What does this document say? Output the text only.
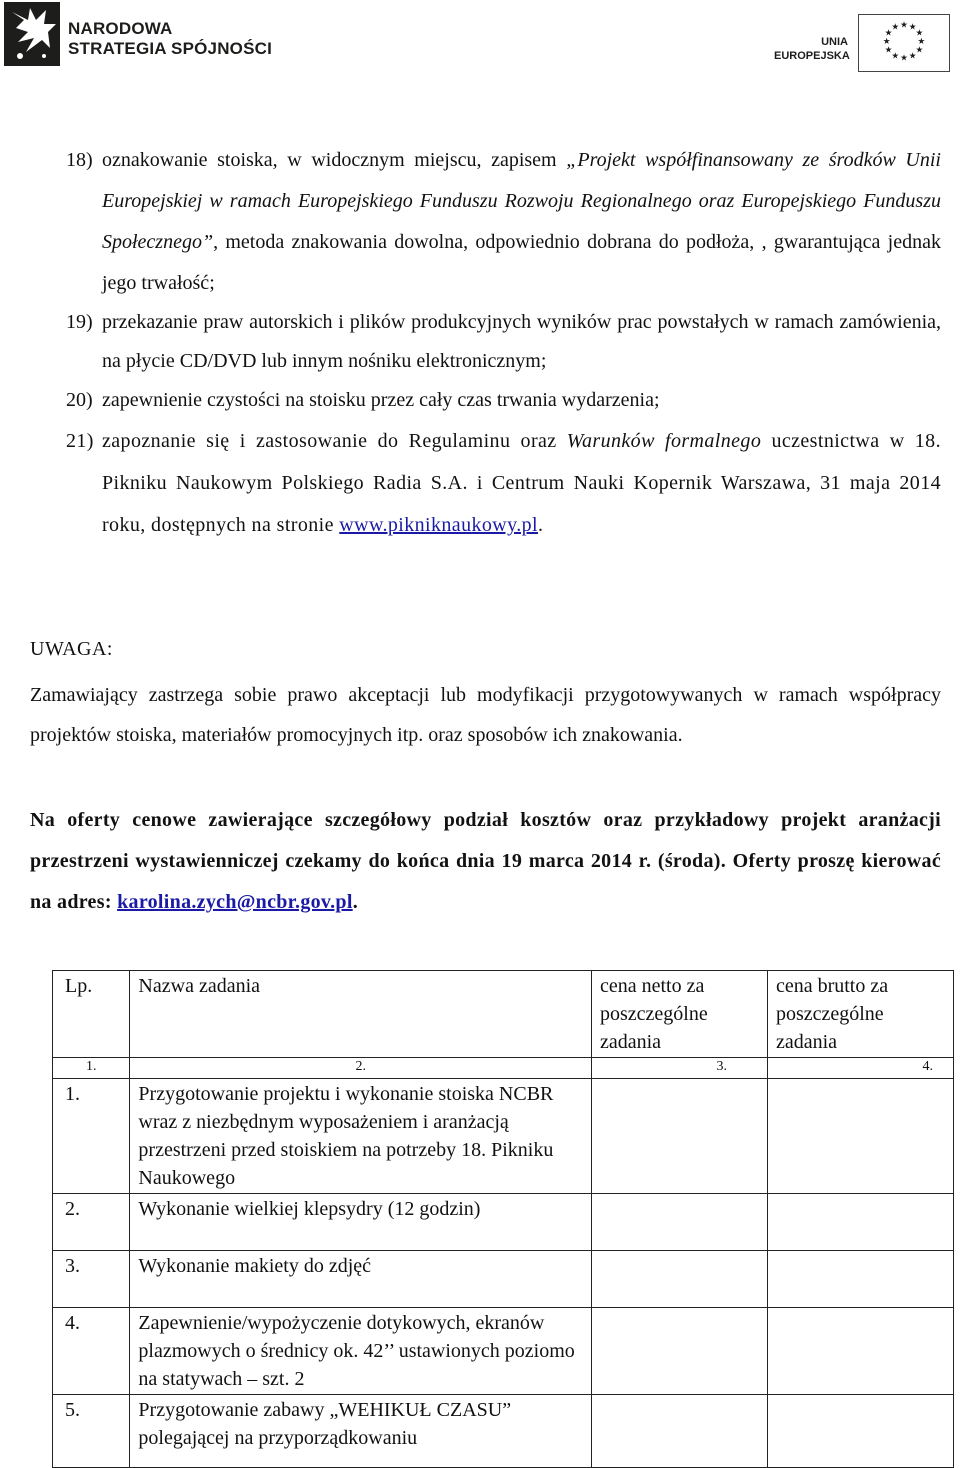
NARODOWA
STRATEGIA SPÓJNOŚCI	UNIA
EUROPEJSKA
★ ★
★
★
★
★
★
★
★
★
★
★
18) oznakowanie stoiska, w widocznym miejscu, zapisem „Projekt współfinansowany ze środków Unii Europejskiej w ramach Europejskiego Funduszu Rozwoju Regionalnego oraz Europejskiego Funduszu Społecznego”, metoda znakowania dowolna, odpowiednio dobrana do podłoża, , gwarantująca jednak jego trwałość;
19) przekazanie praw autorskich i plików produkcyjnych wyników prac powstałych w ramach zamówienia, na płycie CD/DVD lub innym nośniku elektronicznym;
20) zapewnienie czystości na stoisku przez cały czas trwania wydarzenia;
21) zapoznanie się i zastosowanie do Regulaminu oraz Warunków formalnego uczestnictwa w 18. Pikniku Naukowym Polskiego Radia S.A. i Centrum Nauki Kopernik Warszawa, 31 maja 2014 roku, dostępnych na stronie www.pikniknaukowy.pl.
UWAGA:
Zamawiający zastrzega sobie prawo akceptacji lub modyfikacji przygotowywanych w ramach współpracy projektów stoiska, materiałów promocyjnych itp. oraz sposobów ich znakowania.
Na oferty cenowe zawierające szczegółowy podział kosztów oraz przykładowy projekt aranżacji przestrzeni wystawienniczej czekamy do końca dnia 19 marca 2014 r. (środa). Oferty proszę kierować na adres: karolina.zych@ncbr.gov.pl.
Lp.	Nazwa zadania	cena netto za poszczególne zadania	cena brutto za poszczególne zadania
1.	2.	3.	4.
1.	Przygotowanie projektu i wykonanie stoiska NCBR wraz z niezbędnym wyposażeniem i aranżacją przestrzeni przed stoiskiem na potrzeby 18. Pikniku Naukowego		
2.	Wykonanie wielkiej klepsydry (12 godzin)		
3.	Wykonanie makiety do zdjęć		
4.	Zapewnienie/wypożyczenie dotykowych, ekranów plazmowych o średnicy ok. 42’’ ustawionych poziomo na statywach – szt. 2		
5.	Przygotowanie zabawy „WEHIKUŁ CZASU” polegającej na przyporządkowaniu		
